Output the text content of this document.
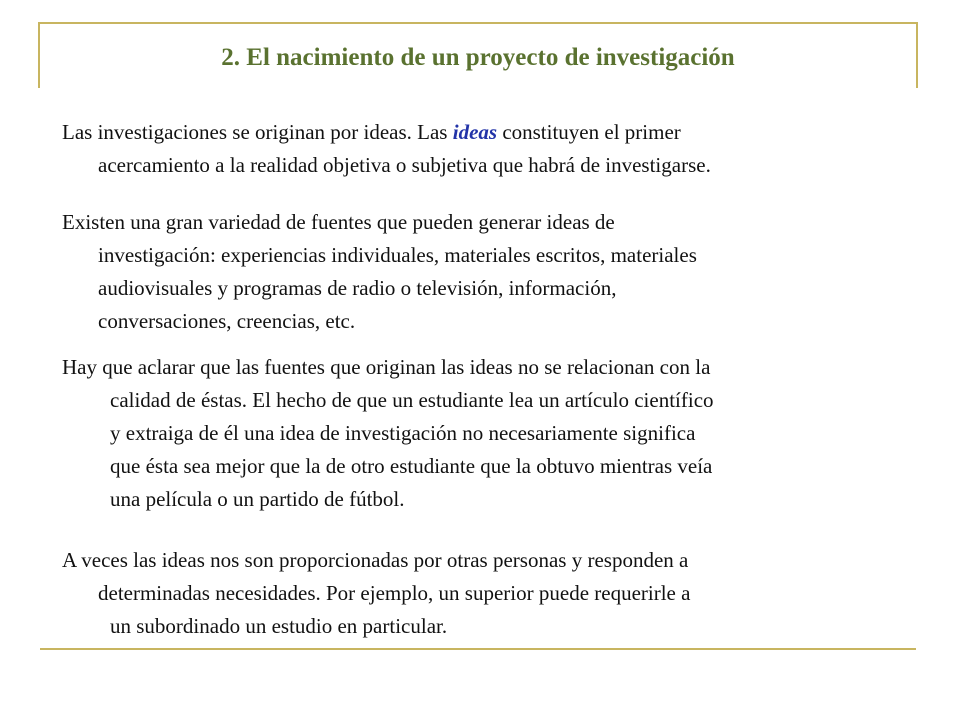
2. El nacimiento de un proyecto de investigación
Las investigaciones se originan por ideas. Las ideas constituyen el primer
acercamiento a la realidad objetiva o subjetiva que habrá de investigarse.
Existen una gran variedad de fuentes que pueden generar ideas de
investigación: experiencias individuales, materiales escritos, materiales
audiovisuales y programas de radio o televisión, información,
conversaciones, creencias, etc.
Hay que aclarar que las fuentes que originan las ideas no se relacionan con la
calidad de éstas. El hecho de que un estudiante lea un artículo científico
y extraiga de él una idea de investigación no necesariamente significa
que ésta sea mejor que la de otro estudiante que la obtuvo mientras veía
una película o un partido de fútbol.
A veces las ideas nos son proporcionadas por otras personas y responden a
determinadas necesidades. Por ejemplo, un superior puede requerirle a
un subordinado un estudio en particular.
